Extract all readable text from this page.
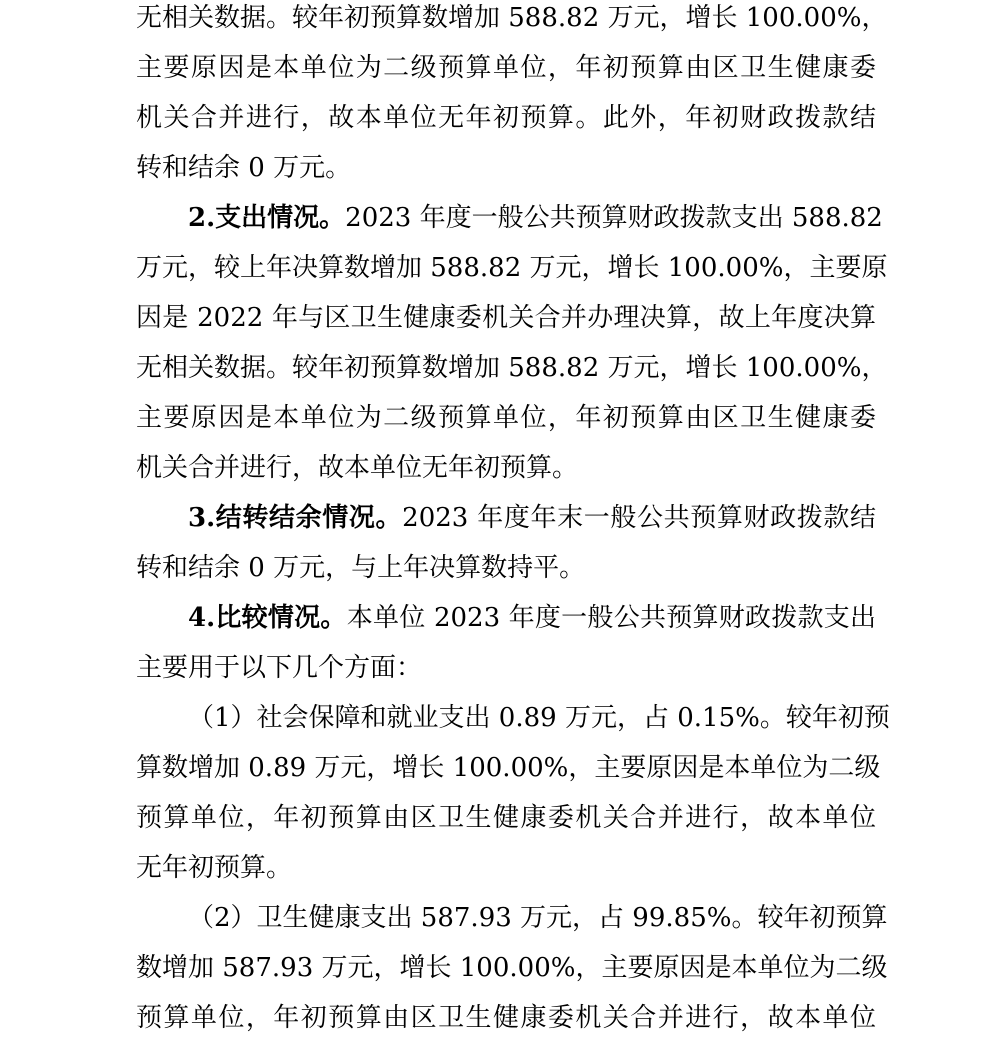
无相关数据。较年初预算数增加 588.82 万元，增长 100.00%，
主要原因是本单位为二级预算单位，年初预算由区卫生健康委
机关合并进行，故本单位无年初预算。此外，年初财政拨款结
转和结余 0 万元。
2.支出情况。2023 年度一般公共预算财政拨款支出 588.82
万元，较上年决算数增加 588.82 万元，增长 100.00%，主要原
因是 2022 年与区卫生健康委机关合并办理决算，故上年度决算
无相关数据。较年初预算数增加 588.82 万元，增长 100.00%，
主要原因是本单位为二级预算单位，年初预算由区卫生健康委
机关合并进行，故本单位无年初预算。
3.结转结余情况。2023 年度年末一般公共预算财政拨款结
转和结余 0 万元，与上年决算数持平。
4.比较情况。本单位 2023 年度一般公共预算财政拨款支出
主要用于以下几个方面：
（1）社会保障和就业支出 0.89 万元，占 0.15%。较年初预
算数增加 0.89 万元，增长 100.00%，主要原因是本单位为二级
预算单位，年初预算由区卫生健康委机关合并进行，故本单位
无年初预算。
（2）卫生健康支出 587.93 万元，占 99.85%。较年初预算
数增加 587.93 万元，增长 100.00%，主要原因是本单位为二级
预算单位，年初预算由区卫生健康委机关合并进行，故本单位
